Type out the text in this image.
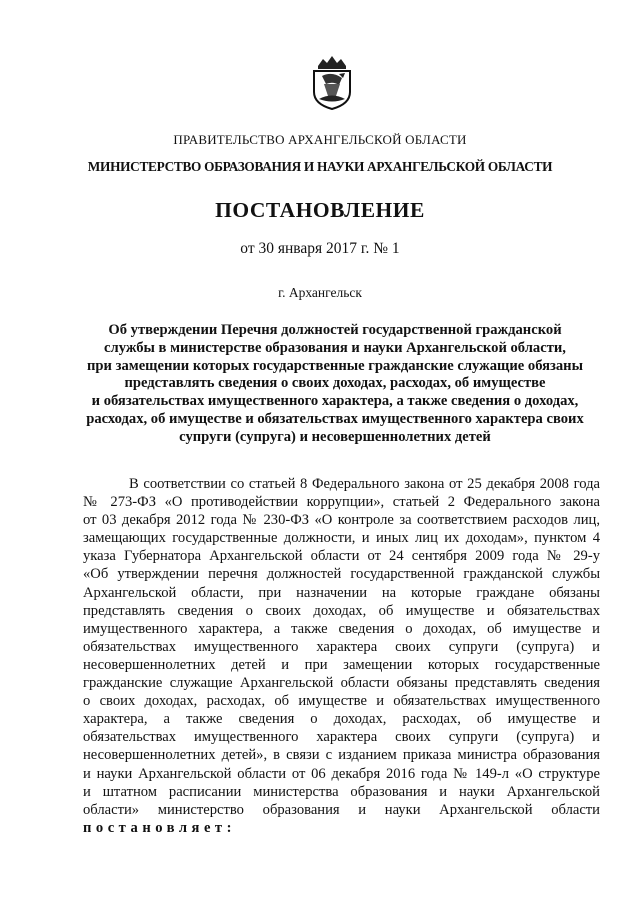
ПРАВИТЕЛЬСТВО АРХАНГЕЛЬСКОЙ ОБЛАСТИ
МИНИСТЕРСТВО ОБРАЗОВАНИЯ И НАУКИ АРХАНГЕЛЬСКОЙ ОБЛАСТИ
ПОСТАНОВЛЕНИЕ
от 30 января 2017 г. № 1
г. Архангельск
Об утверждении Перечня должностей государственной гражданской
службы в министерстве образования и науки Архангельской области,
при замещении которых государственные гражданские служащие обязаны
представлять сведения о своих доходах, расходах, об имуществе
и обязательствах имущественного характера, а также сведения о доходах,
расходах, об имуществе и обязательствах имущественного характера своих
супруги (супруга) и несовершеннолетних детей
В соответствии со статьей 8 Федерального закона от 25 декабря 2008 года
№ 273-ФЗ «О противодействии коррупции», статьей 2 Федерального закона
от 03 декабря 2012 года № 230-ФЗ «О контроле за соответствием расходов лиц,
замещающих государственные должности, и иных лиц их доходам», пунктом 4
указа Губернатора Архангельской области от 24 сентября 2009 года № 29-у
«Об утверждении перечня должностей государственной гражданской службы
Архангельской области, при назначении на которые граждане обязаны
представлять сведения о своих доходах, об имуществе и обязательствах
имущественного характера, а также сведения о доходах, об имуществе и
обязательствах имущественного характера своих супруги (супруга) и
несовершеннолетних детей и при замещении которых государственные
гражданские служащие Архангельской области обязаны представлять сведения
о своих доходах, расходах, об имуществе и обязательствах имущественного
характера, а также сведения о доходах, расходах, об имуществе и
обязательствах имущественного характера своих супруги (супруга) и
несовершеннолетних детей», в связи с изданием приказа министра образования
и науки Архангельской области от 06 декабря 2016 года № 149-л «О структуре
и штатном расписании министерства образования и науки Архангельской
области» министерство образования и науки Архангельской области
постановляет:
